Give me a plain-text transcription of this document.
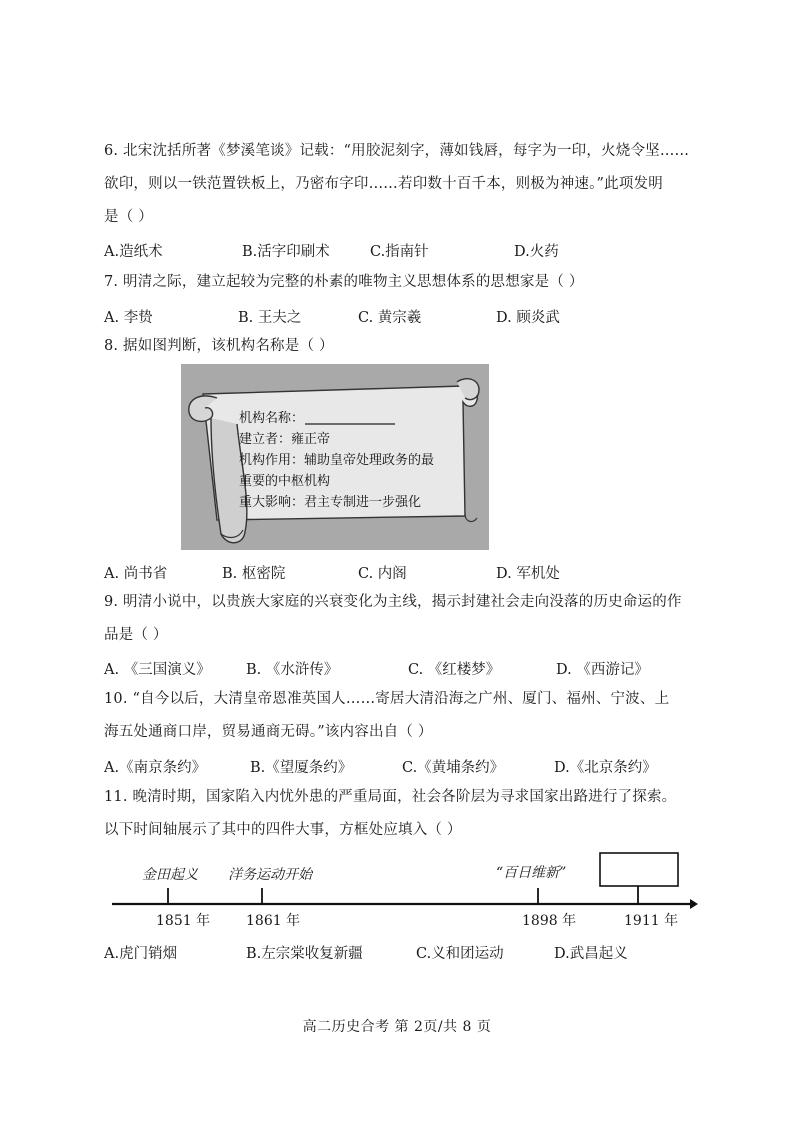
6. 北宋沈括所著《梦溪笔谈》记载：“用胶泥刻字，薄如钱唇，每字为一印，火烧令坚……

欲印，则以一铁范置铁板上，乃密布字印……若印数十百千本，则极为神速。”此项发明

是（ ）

A.造纸术	B.活字印刷术	C.指南针	D.火药

7. 明清之际，建立起较为完整的朴素的唯物主义思想体系的思想家是（ ）

A. 李贽	B. 王夫之	C. 黄宗羲	D. 顾炎武

8. 据如图判断，该机构名称是（ ）

机构名称：
建立者：雍正帝
机构作用：辅助皇帝处理政务的最
重要的中枢机构
重大影响：君主专制进一步强化
A. 尚书省	B. 枢密院	C. 内阁	D. 军机处

9. 明清小说中，以贵族大家庭的兴衰变化为主线，揭示封建社会走向没落的历史命运的作

品是（ ）

A. 《三国演义》 B. 《水浒传》	C. 《红楼梦》	D. 《西游记》

10. “自今以后，大清皇帝恩准英国人……寄居大清沿海之广州、厦门、福州、宁波、上

海五处通商口岸，贸易通商无碍。”该内容出自（ ）

A.《南京条约》	B.《望厦条约》	C.《黄埔条约》	D.《北京条约》

11. 晚清时期，国家陷入内忧外患的严重局面，社会各阶层为寻求国家出路进行了探索。

以下时间轴展示了其中的四件大事，方框处应填入（ ）

金田起义 洋务运动开始	“百日维新”
1851 年	1861 年	1898 年	1911 年
A.虎门销烟	B.左宗棠收复新疆	C.义和团运动	D.武昌起义
高二历史合考 第 2页/共 8 页
